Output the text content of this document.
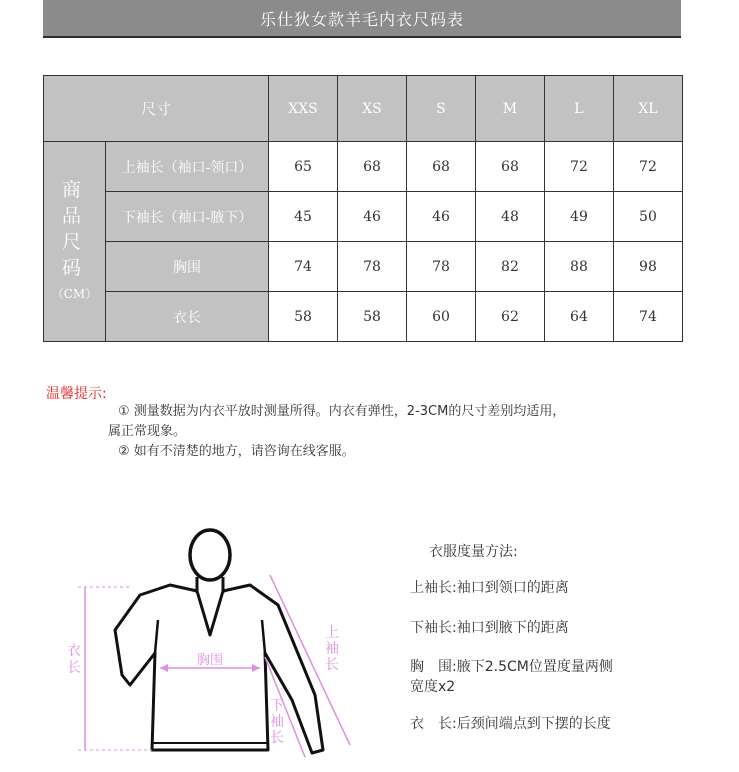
乐仕狄女款羊毛内衣尺码表
尺寸		XXS	XS	S	M	L	XL

商 品
尺 码
（CM）	上袖长（袖口-领口）	65	68	68	68	72	72
	下袖长（袖口-腋下）	45	46	46	48	49	50
	胸围	74	78	78	82	88	98
	衣长	58	58	60	62	64	74
温馨提示:
① 测量数据为内衣平放时测量所得。内衣有弹性，2-3CM的尺寸差别均适用，
属正常现象。
② 如有不清楚的地方，请咨询在线客服。
衣 长	胸围
上 袖 长
下 袖 长
衣服度量方法:
上袖长:袖口到领口的距离
下袖长:袖口到腋下的距离
胸　围:腋下2.5CM位置度量两侧
宽度x2
衣　长:后颈间端点到下摆的长度
